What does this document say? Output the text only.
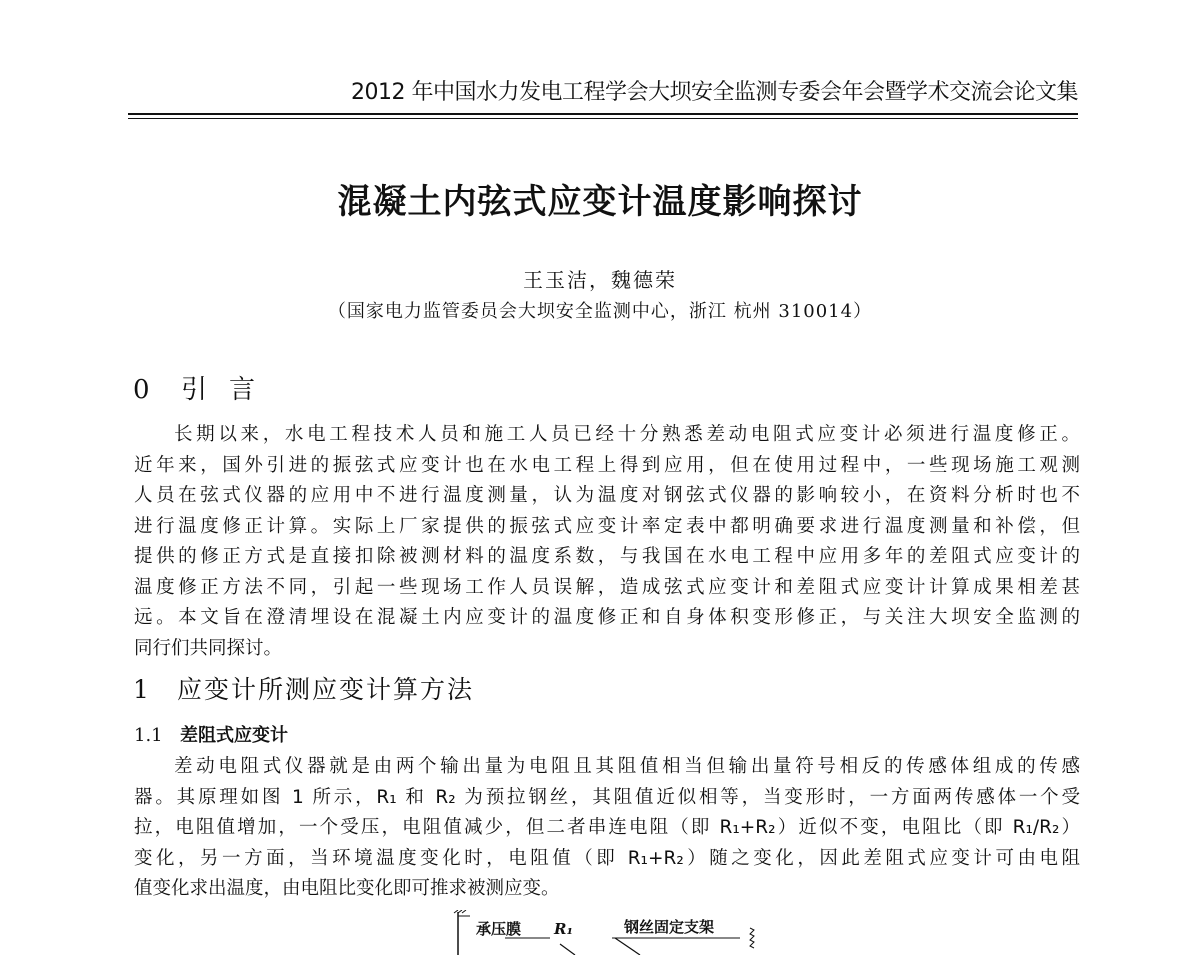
2012 年中国水力发电工程学会大坝安全监测专委会年会暨学术交流会论文集
混凝土内弦式应变计温度影响探讨
王玉洁，魏德荣
（国家电力监管委员会大坝安全监测中心，浙江 杭州 310014）
0 引 言
长期以来，水电工程技术人员和施工人员已经十分熟悉差动电阻式应变计必须进行温度修正。
近年来，国外引进的振弦式应变计也在水电工程上得到应用，但在使用过程中，一些现场施工观测
人员在弦式仪器的应用中不进行温度测量，认为温度对钢弦式仪器的影响较小，在资料分析时也不
进行温度修正计算。实际上厂家提供的振弦式应变计率定表中都明确要求进行温度测量和补偿，但
提供的修正方式是直接扣除被测材料的温度系数，与我国在水电工程中应用多年的差阻式应变计的
温度修正方法不同，引起一些现场工作人员误解，造成弦式应变计和差阻式应变计计算成果相差甚
远。本文旨在澄清埋设在混凝土内应变计的温度修正和自身体积变形修正，与关注大坝安全监测的
同行们共同探讨。
1 应变计所测应变计算方法
1.1 差阻式应变计
差动电阻式仪器就是由两个输出量为电阻且其阻值相当但输出量符号相反的传感体组成的传感
器。其原理如图 1 所示，R₁ 和 R₂ 为预拉钢丝，其阻值近似相等，当变形时，一方面两传感体一个受
拉，电阻值增加，一个受压，电阻值减少，但二者串连电阻（即 R₁+R₂）近似不变，电阻比（即 R₁/R₂）
变化，另一方面，当环境温度变化时，电阻值（即 R₁+R₂）随之变化，因此差阻式应变计可由电阻
值变化求出温度，由电阻比变化即可推求被测应变。
承压膜 R₁	钢丝固定支架
